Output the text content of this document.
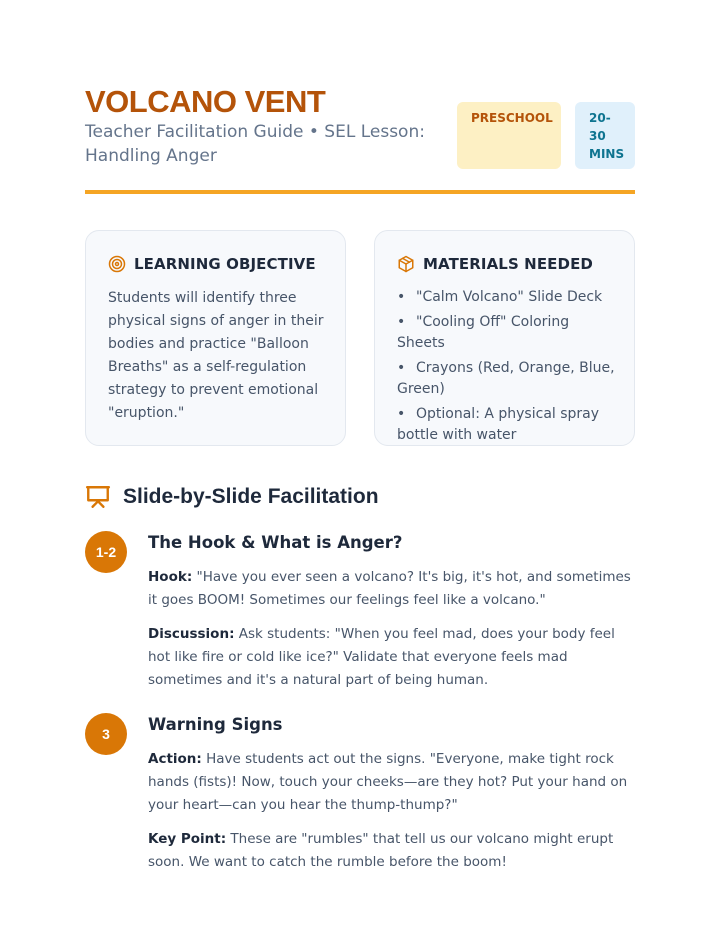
VOLCANO VENT
Teacher Facilitation Guide • SEL Lesson: Handling Anger
PRESCHOOL	20-
30
MINS
LEARNING OBJECTIVE
Students will identify three physical signs of anger in their bodies and practice "Balloon Breaths" as a self-regulation strategy to prevent emotional "eruption."
MATERIALS NEEDED
• "Calm Volcano" Slide Deck
• "Cooling Off" Coloring Sheets
• Crayons (Red, Orange, Blue, Green)
• Optional: A physical spray bottle with water
Slide-by-Slide Facilitation
1-2	The Hook & What is Anger?

Hook: "Have you ever seen a volcano? It's big, it's hot, and sometimes it goes BOOM! Sometimes our feelings feel like a volcano."

Discussion: Ask students: "When you feel mad, does your body feel hot like fire or cold like ice?" Validate that everyone feels mad sometimes and it's a natural part of being human.

3	Warning Signs

Action: Have students act out the signs. "Everyone, make tight rock hands (fists)! Now, touch your cheeks—are they hot? Put your hand on your heart—can you hear the thump-thump?"

Key Point: These are "rumbles" that tell us our volcano might erupt soon. We want to catch the rumble before the boom!
